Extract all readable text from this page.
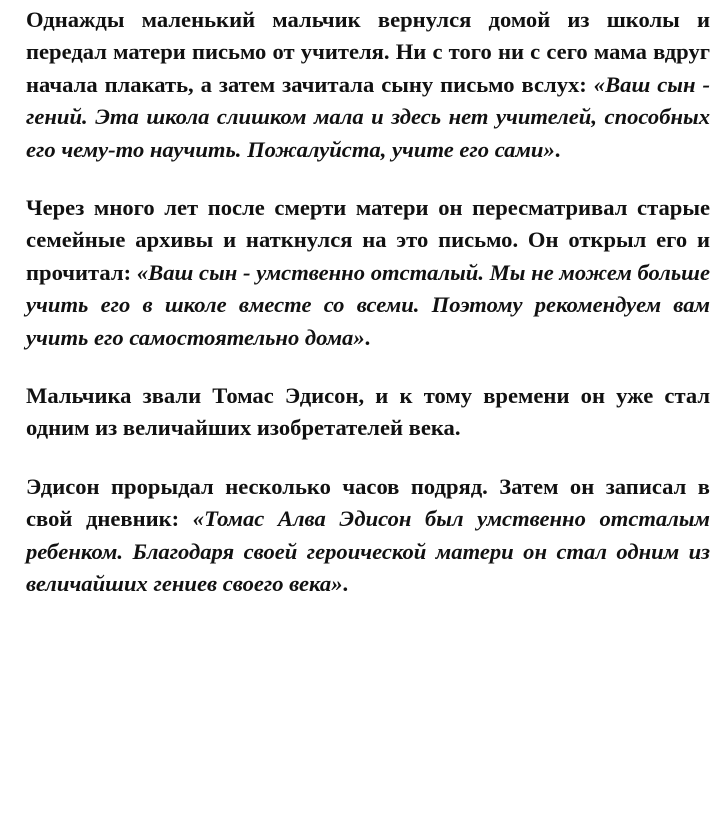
Однажды маленький мальчик вернулся домой из школы и передал матери письмо от учителя. Ни с того ни с сего мама вдруг начала плакать, а затем зачитала сыну письмо вслух: «Ваш сын - гений. Эта школа слишком мала и здесь нет учителей, способных его чему-то научить. Пожалуйста, учите его сами».

Через много лет после смерти матери он пересматривал старые семейные архивы и наткнулся на это письмо. Он открыл его и прочитал: «Ваш сын - умственно отсталый. Мы не можем больше учить его в школе вместе со всеми. Поэтому рекомендуем вам учить его самостоятельно дома».

Мальчика звали Томас Эдисон, и к тому времени он уже стал одним из величайших изобретателей века.

Эдисон прорыдал несколько часов подряд. Затем он записал в свой дневник: «Томас Алва Эдисон был умственно отсталым ребенком. Благодаря своей героической матери он стал одним из величайших гениев своего века».
